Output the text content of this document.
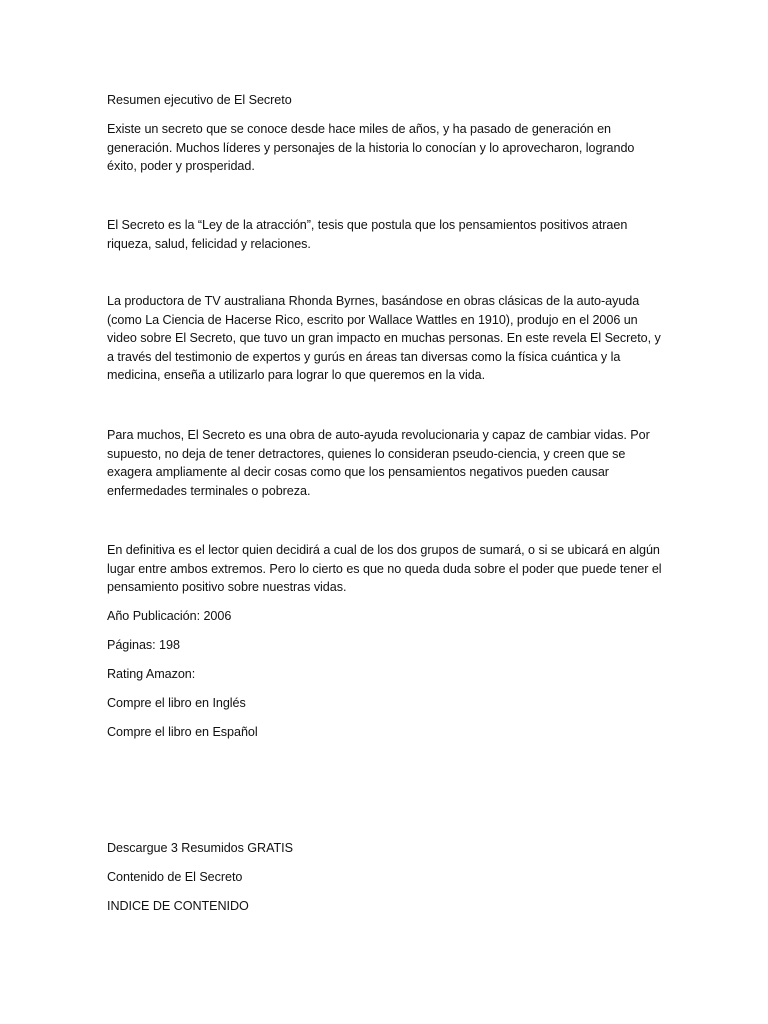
Resumen ejecutivo de El Secreto

Existe un secreto que se conoce desde hace miles de años, y ha pasado de generación en generación. Muchos líderes y personajes de la historia lo conocían y lo aprovecharon, logrando éxito, poder y prosperidad.

El Secreto es la “Ley de la atracción”, tesis que postula que los pensamientos positivos atraen riqueza, salud, felicidad y relaciones.

La productora de TV australiana Rhonda Byrnes, basándose en obras clásicas de la auto-ayuda (como La Ciencia de Hacerse Rico, escrito por Wallace Wattles en 1910), produjo en el 2006 un video sobre El Secreto, que tuvo un gran impacto en muchas personas. En este revela El Secreto, y a través del testimonio de expertos y gurús en áreas tan diversas como la física cuántica y la medicina, enseña a utilizarlo para lograr lo que queremos en la vida.

Para muchos, El Secreto es una obra de auto-ayuda revolucionaria y capaz de cambiar vidas. Por supuesto, no deja de tener detractores, quienes lo consideran pseudo-ciencia, y creen que se exagera ampliamente al decir cosas como que los pensamientos negativos pueden causar enfermedades terminales o pobreza.

En definitiva es el lector quien decidirá a cual de los dos grupos de sumará, o si se ubicará en algún lugar entre ambos extremos. Pero lo cierto es que no queda duda sobre el poder que puede tener el pensamiento positivo sobre nuestras vidas.

Año Publicación: 2006

Páginas: 198

Rating Amazon:

Compre el libro en Inglés

Compre el libro en Español

Descargue 3 Resumidos GRATIS

Contenido de El Secreto

INDICE DE CONTENIDO
